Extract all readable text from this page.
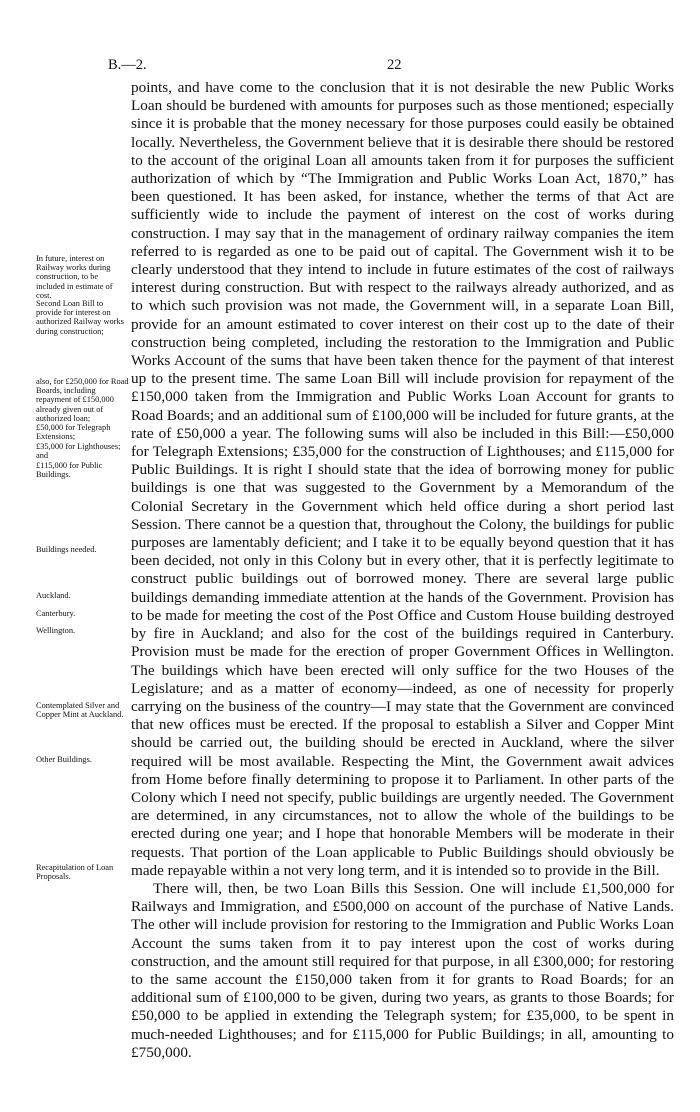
B.—2.	22

points, and have come to the conclusion that it is not desirable the new Public Works Loan should be burdened with amounts for purposes such as those mentioned; especially since it is probable that the money necessary for those purposes could easily be obtained locally. Nevertheless, the Government believe that it is desirable there should be restored to the account of the original Loan all amounts taken from it for purposes the sufficient authorization of which by “The Immigration and Public Works Loan Act, 1870,” has been questioned. It has been asked, for instance, whether the terms of that Act are sufficiently wide to include the payment of interest on the cost of works during construction. I may say that in the management of ordinary railway companies the item referred to is regarded as one to be paid out of capital. The Government wish it to be clearly understood that they intend to include in future estimates of the cost of railways interest during construction. But with respect to the railways already authorized, and as to which such provision was not made, the Government will, in a separate Loan Bill, provide for an amount estimated to cover interest on their cost up to the date of their construction being completed, including the restoration to the Immigration and Public Works Account of the sums that have been taken thence for the payment of that interest up to the present time. The same Loan Bill will include provision for repayment of the £150,000 taken from the Immigration and Public Works Loan Account for grants to Road Boards; and an additional sum of £100,000 will be included for future grants, at the rate of £50,000 a year. The following sums will also be included in this Bill:—£50,000 for Telegraph Extensions; £35,000 for the construction of Lighthouses; and £115,000 for Public Buildings. It is right I should state that the idea of borrowing money for public buildings is one that was suggested to the Government by a Memorandum of the Colonial Secretary in the Government which held office during a short period last Session. There cannot be a question that, throughout the Colony, the buildings for public purposes are lamentably deficient; and I take it to be equally beyond question that it has been decided, not only in this Colony but in every other, that it is perfectly legitimate to construct public buildings out of borrowed money. There are several large public buildings demanding immediate attention at the hands of the Government. Provision has to be made for meeting the cost of the Post Office and Custom House building destroyed by fire in Auckland; and also for the cost of the buildings required in Canterbury. Provision must be made for the erection of proper Government Offices in Wellington. The buildings which have been erected will only suffice for the two Houses of the Legislature; and as a matter of economy—indeed, as one of necessity for properly carrying on the business of the country—I may state that the Government are convinced that new offices must be erected. If the proposal to establish a Silver and Copper Mint should be carried out, the building should be erected in Auckland, where the silver required will be most available. Respecting the Mint, the Government await advices from Home before finally determining to propose it to Parliament. In other parts of the Colony which I need not specify, public buildings are urgently needed. The Government are determined, in any circumstances, not to allow the whole of the buildings to be erected during one year; and I hope that honorable Members will be moderate in their requests. That portion of the Loan applicable to Public Buildings should obviously be made repayable within a not very long term, and it is intended so to provide in the Bill.

There will, then, be two Loan Bills this Session. One will include £1,500,000 for Railways and Immigration, and £500,000 on account of the purchase of Native Lands. The other will include provision for restoring to the Immigration and Public Works Loan Account the sums taken from it to pay interest upon the cost of works during construction, and the amount still required for that purpose, in all £300,000; for restoring to the same account the £150,000 taken from it for grants to Road Boards; for an additional sum of £100,000 to be given, during two years, as grants to those Boards; for £50,000 to be applied in extending the Telegraph system; for £35,000, to be spent in much-needed Lighthouses; and for £115,000 for Public Buildings; in all, amounting to £750,000.

In future, interest on Railway works during construction, to be included in estimate of cost.
Second Loan Bill to provide for interest on authorized Railway works during construction;
also, for £250,000 for Road Boards, including repayment of £150,000 already given out of authorized loan;
£50,000 for Telegraph Extensions;
£35,000 for Lighthouses; and
£115,000 for Public Buildings.
Buildings needed.
Auckland.
Canterbury.
Wellington.
Contemplated Silver and Copper Mint at Auckland.
Other Buildings.
Recapitulation of Loan Proposals.
